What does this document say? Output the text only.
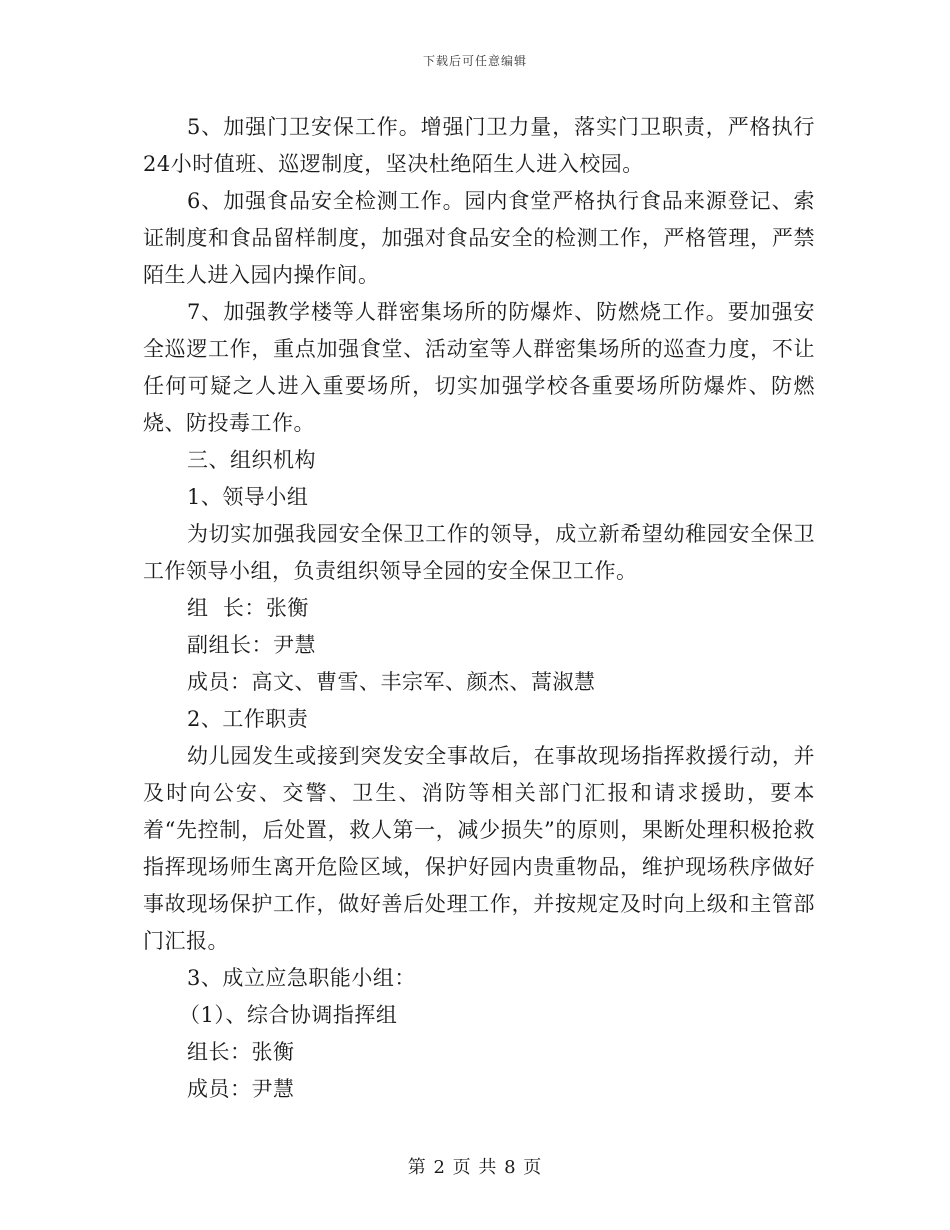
下载后可任意编辑

5、加强门卫安保工作。增强门卫力量，落实门卫职责，严格执行24小时值班、巡逻制度，坚决杜绝陌生人进入校园。

6、加强食品安全检测工作。园内食堂严格执行食品来源登记、索证制度和食品留样制度，加强对食品安全的检测工作，严格管理，严禁陌生人进入园内操作间。

7、加强教学楼等人群密集场所的防爆炸、防燃烧工作。要加强安全巡逻工作，重点加强食堂、活动室等人群密集场所的巡查力度，不让任何可疑之人进入重要场所，切实加强学校各重要场所防爆炸、防燃烧、防投毒工作。

三、组织机构

1、领导小组

为切实加强我园安全保卫工作的领导，成立新希望幼稚园安全保卫工作领导小组，负责组织领导全园的安全保卫工作。

组  长：张衡

副组长：尹慧

成员：高文、曹雪、丰宗军、颜杰、蒿淑慧

2、工作职责

幼儿园发生或接到突发安全事故后，在事故现场指挥救援行动，并及时向公安、交警、卫生、消防等相关部门汇报和请求援助，要本着“先控制，后处置，救人第一，减少损失”的原则，果断处理积极抢救指挥现场师生离开危险区域，保护好园内贵重物品，维护现场秩序做好事故现场保护工作，做好善后处理工作，并按规定及时向上级和主管部门汇报。

3、成立应急职能小组：

（1）、综合协调指挥组

组长：张衡

成员：尹慧

第 2 页 共 8 页
